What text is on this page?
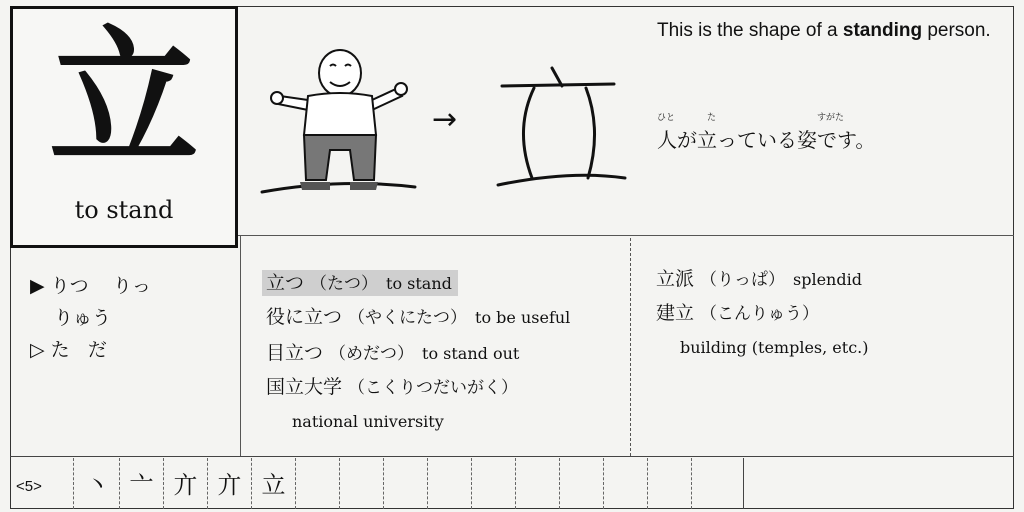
立
to stand
→
This is the shape of a standing person.
ひと	た	すがた
人が立っている姿です。
▶ りつ りっ
りゅう
▷ た だ
立つ （たつ） to stand
役に立つ （やくにたつ） to be useful
目立つ （めだつ） to stand out
国立大学 （こくりつだいがく）
national university
立派 （りっぱ） splendid
建立 （こんりゅう）
building (temples, etc.)
<5>	丶 亠 亣 亣 立
